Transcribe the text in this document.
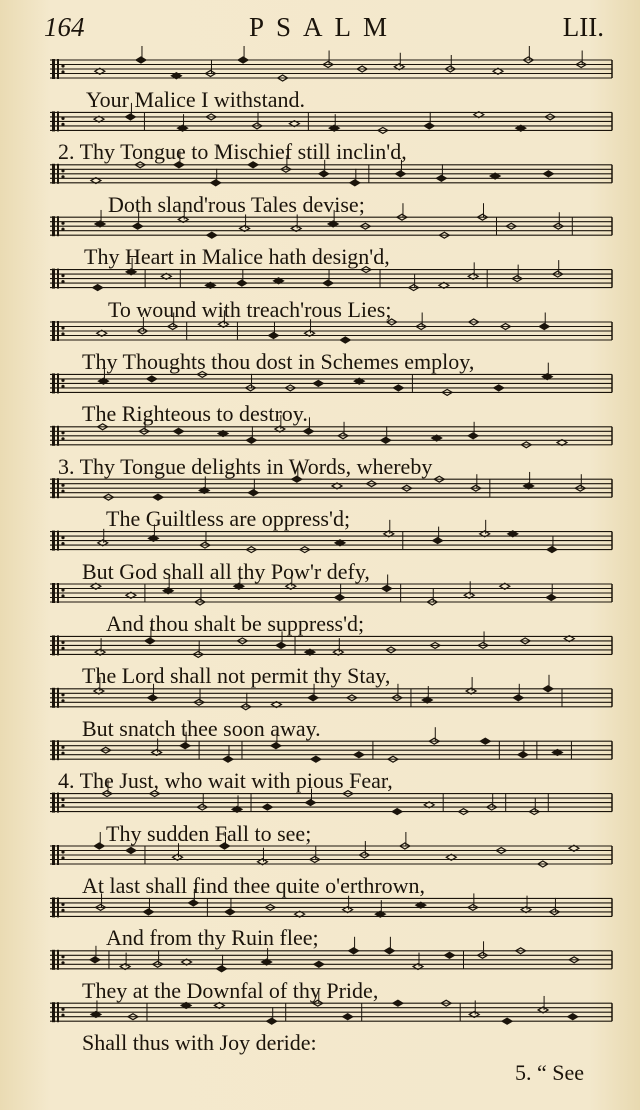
164	PSALM	LII.
Your Malice I withstand.
2. Thy Tongue to Mischief still inclin'd,
Doth sland'rous Tales devise;
Thy Heart in Malice hath design'd,
To wound with treach'rous Lies;
Thy Thoughts thou dost in Schemes employ,
The Righteous to destroy.
3. Thy Tongue delights in Words, whereby
The Guiltless are oppress'd;
But God shall all thy Pow'r defy,
And thou shalt be suppress'd;
The Lord shall not permit thy Stay,
But snatch thee soon away.
4. The Just, who wait with pious Fear,
Thy sudden Fall to see;
At last shall find thee quite o'erthrown,
And from thy Ruin flee;
They at the Downfal of thy Pride,
Shall thus with Joy deride:
5. “ See
